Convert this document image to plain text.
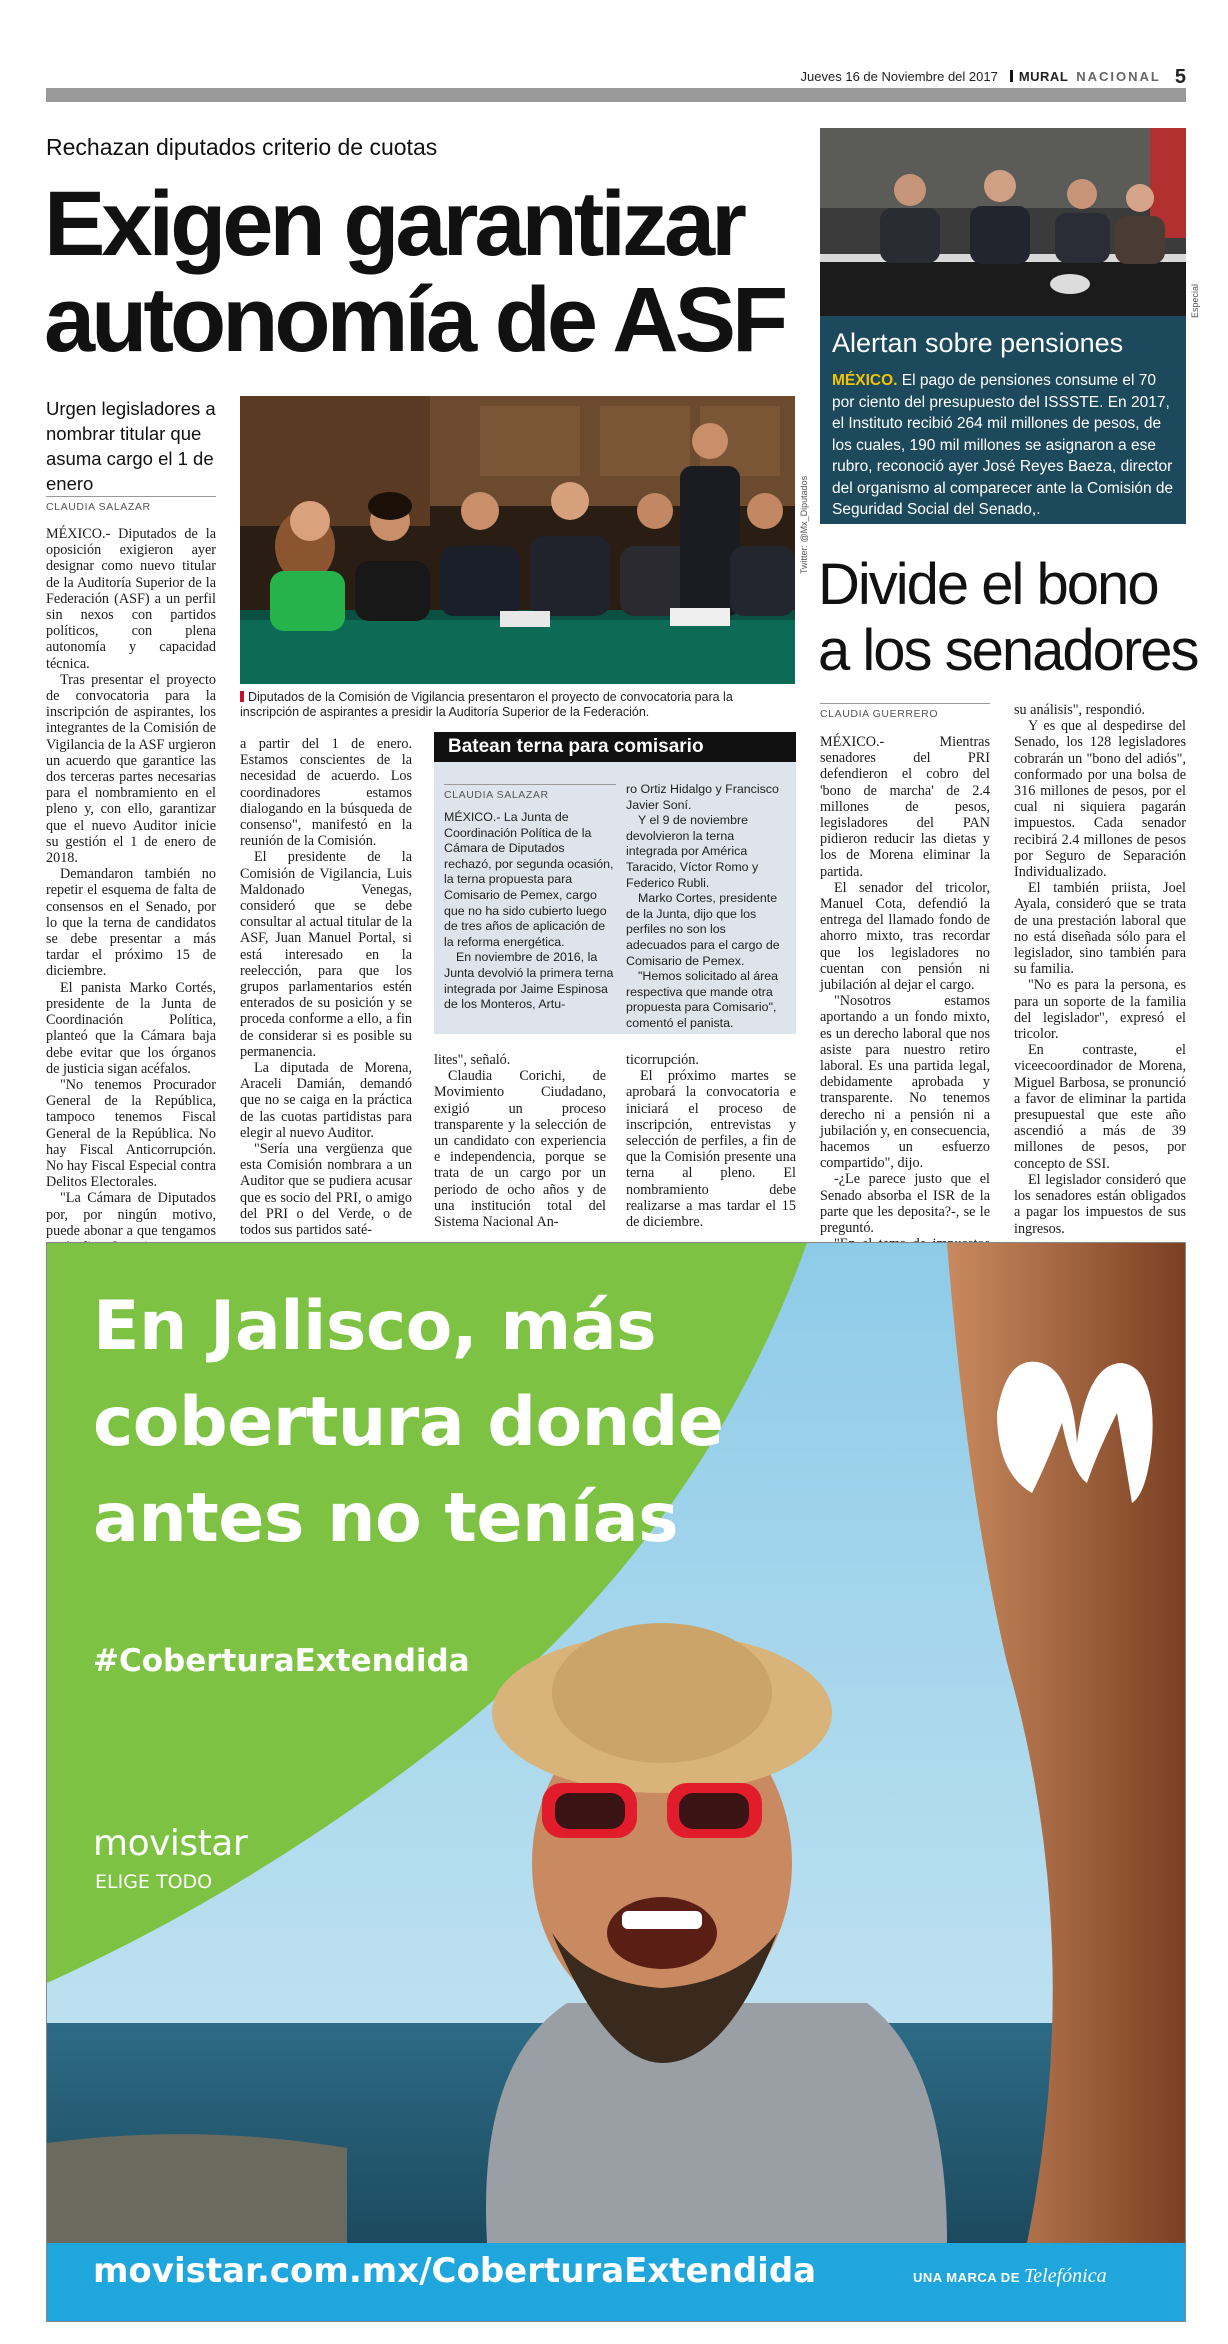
Jueves 16 de Noviembre del 2017 MURAL NACIONAL 5
Rechazan diputados criterio de cuotas
Exigen garantizar
autonomía de ASF
Urgen legisladores a nombrar titular que asuma cargo el 1 de enero
CLAUDIA SALAZAR

MÉXICO.- Diputados de la oposición exigieron ayer designar como nuevo titular de la Auditoría Superior de la Federación (ASF) a un perfil sin nexos con partidos políticos, con plena autonomía y capacidad técnica.

Tras presentar el proyecto de convocatoria para la inscripción de aspirantes, los integrantes de la Comisión de Vigilancia de la ASF urgieron un acuerdo que garantice las dos terceras partes necesarias para el nombramiento en el pleno y, con ello, garantizar que el nuevo Auditor inicie su gestión el 1 de enero de 2018.

Demandaron también no repetir el esquema de falta de consensos en el Senado, por lo que la terna de candidatos se debe presentar a más tardar el próximo 15 de diciembre.

El panista Marko Cortés, presidente de la Junta de Coordinación Política, planteó que la Cámara baja debe evitar que los órganos de justicia sigan acéfalos.

"No tenemos Procurador General de la República, tampoco tenemos Fiscal General de la República. No hay Fiscal Anticorrupción. No hay Fiscal Especial contra Delitos Electorales.

"La Cámara de Diputados por, por ningún motivo, puede abonar a que tengamos

Twitter: @Mx_Diputados
Diputados de la Comisión de Vigilancia presentaron el proyecto de convocatoria para la inscripción de aspirantes a presidir la Auditoría Superior de la Federación.

a partir del 1 de enero. Estamos conscientes de la necesidad de acuerdo. Los coordinadores estamos dialogando en la búsqueda de consenso", manifestó en la reunión de la Comisión.

El presidente de la Comisión de Vigilancia, Luis Maldonado Venegas, consideró que se debe consultar al actual titular de la ASF, Juan Manuel Portal, si está interesado en la reelección, para que los grupos parlamentarios estén enterados de su posición y se proceda conforme a ello, a fin de considerar si es posible su permanencia.

La diputada de Morena, Araceli Damián, demandó que no se caiga en la práctica de las cuotas partidistas para elegir al nuevo Auditor.

"Sería una vergüenza que esta Comisión nombrara a un Auditor que se pudiera acusar que es socio del PRI, o amigo del PRI o del Verde, o de todos sus partidos saté-

Batean terna para comisario
CLAUDIA SALAZAR

MÉXICO.- La Junta de Coordinación Política de la Cámara de Diputados rechazó, por segunda ocasión, la terna propuesta para Comisario de Pemex, cargo que no ha sido cubierto luego de tres años de aplicación de la reforma energética.

En noviembre de 2016, la Junta devolvió la primera terna integrada por Jaime Espinosa de los Monteros, Artu-

ro Ortiz Hidalgo y Francisco Javier Soní.

Y el 9 de noviembre devolvieron la terna integrada por América Taracido, Víctor Romo y Federico Rubli.

Marko Cortes, presidente de la Junta, dijo que los perfiles no son los adecuados para el cargo de Comisario de Pemex.

"Hemos solicitado al área respectiva que mande otra propuesta para Comisario", comentó el panista.

lites", señaló.

Claudia Corichi, de Movimiento Ciudadano, exigió un proceso transparente y la selección de un candidato con experiencia e independencia, porque se trata de un cargo por un periodo de ocho años y de una institución total del Sistema Nacional An-

ticorrupción.

El próximo martes se aprobará la convocatoria e iniciará el proceso de inscripción, entrevistas y selección de perfiles, a fin de que la Comisión presente una terna al pleno. El nombramiento debe realizarse a mas tardar el 15 de diciembre.

Especial
Alertan sobre pensiones
MÉXICO. El pago de pensiones consume el 70 por ciento del presupuesto del ISSSTE. En 2017, el Instituto recibió 264 mil millones de pesos, de los cuales, 190 mil millones se asignaron a ese rubro, reconoció ayer José Reyes Baeza, director del organismo al comparecer ante la Comisión de Seguridad Social del Senado,.
Divide el bono
a los senadores
CLAUDIA GUERRERO

MÉXICO.- Mientras senadores del PRI defendieron el cobro del 'bono de marcha' de 2.4 millones de pesos, legisladores del PAN pidieron reducir las dietas y los de Morena eliminar la partida.

El senador del tricolor, Manuel Cota, defendió la entrega del llamado fondo de ahorro mixto, tras recordar que los legisladores no cuentan con pensión ni jubilación al dejar el cargo.

"Nosotros estamos aportando a un fondo mixto, es un derecho laboral que nos asiste para nuestro retiro laboral. Es una partida legal, debidamente aprobada y transparente. No tenemos derecho ni a pensión ni a jubilación y, en consecuencia, hacemos un esfuerzo compartido", dijo.

-¿Le parece justo que el Senado absorba el ISR de la parte que les deposita?-, se le preguntó.

su análisis", respondió.

Y es que al despedirse del Senado, los 128 legisladores cobrarán un "bono del adiós", conformado por una bolsa de 316 millones de pesos, por el cual ni siquiera pagarán impuestos. Cada senador recibirá 2.4 millones de pesos por Seguro de Separación Individualizado.

El también priista, Joel Ayala, consideró que se trata de una prestación laboral que no está diseñada sólo para el legislador, sino también para su familia.

"No es para la persona, es para un soporte de la familia del legislador", expresó el tricolor.

En contraste, el viceecoordinador de Morena, Miguel Barbosa, se pronunció a favor de eliminar la partida presupuestal que este año ascendió a más de 39 millones de pesos, por concepto de SSI.

El legislador consideró que los senadores están obligados a pagar los impuestos de sus ingresos.

En Jalisco, más
cobertura donde
antes no tenías
#CoberturaExtendida
movistar
ELIGE TODO
movistar.com.mx/CoberturaExtendida	UNA MARCA DE Telefónica
